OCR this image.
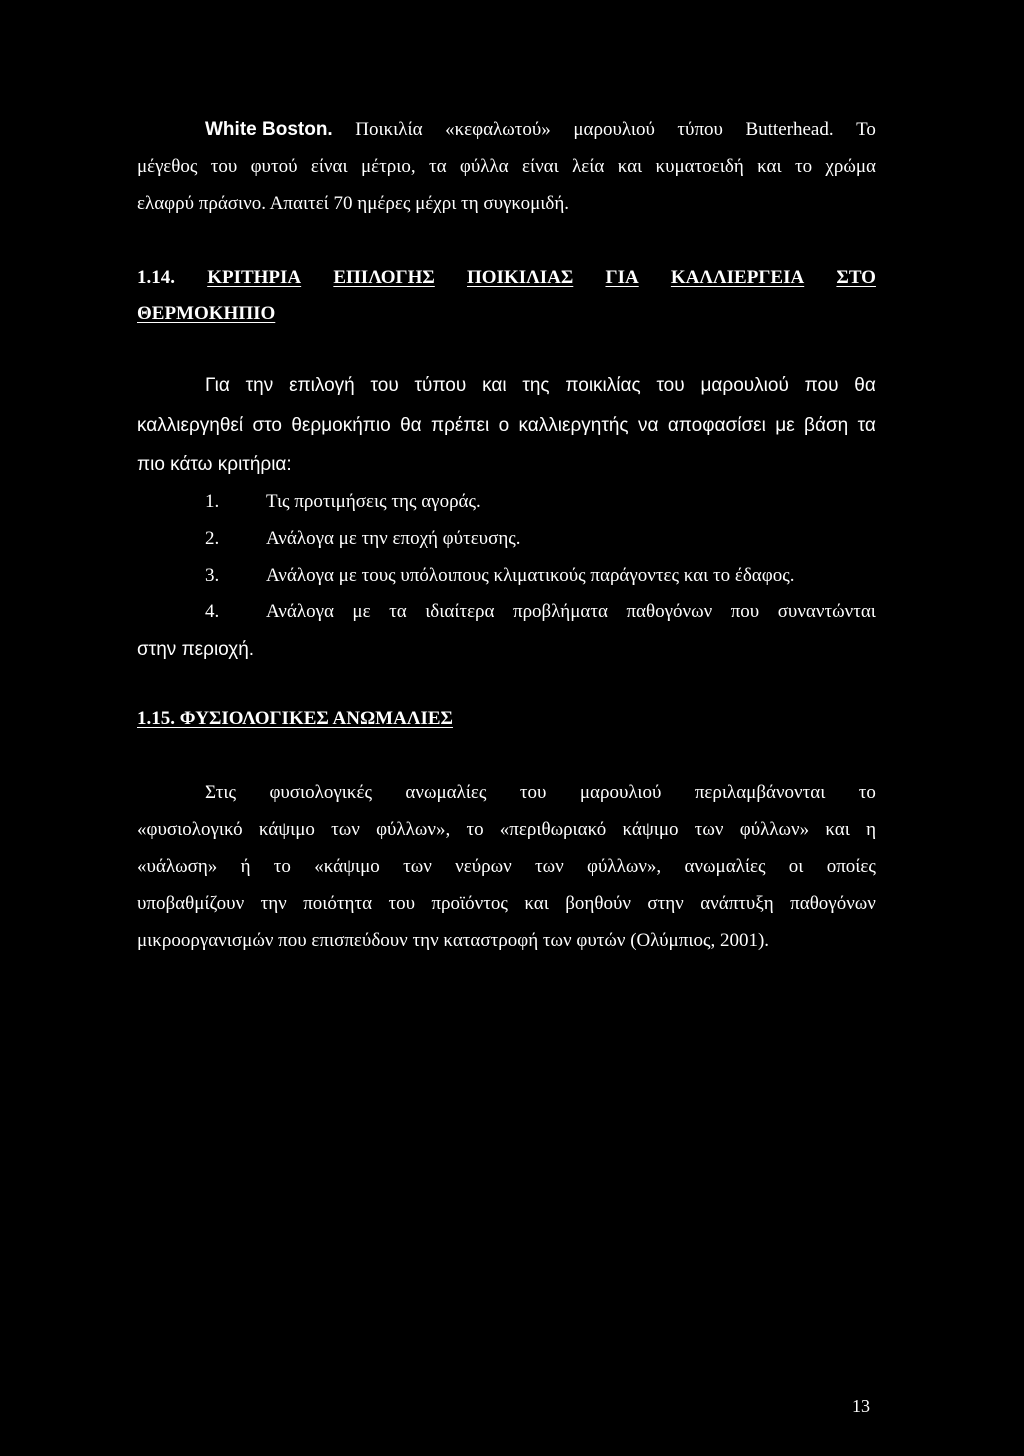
White Boston. Ποικιλία «κεφαλωτού» μαρουλιού τύπου Butterhead. Το
μέγεθος του φυτού είναι μέτριο, τα φύλλα είναι λεία και κυματοειδή και το χρώμα
ελαφρύ πράσινο. Απαιτεί 70 ημέρες μέχρι τη συγκομιδή.
1.14. ΚΡΙΤΗΡΙΑ ΕΠΙΛΟΓΗΣ ΠΟΙΚΙΛΙΑΣ ΓΙΑ ΚΑΛΛΙΕΡΓΕΙΑ ΣΤΟ
ΘΕΡΜΟΚΗΠΙΟ
Για την επιλογή του τύπου και της ποικιλίας του μαρουλιού που θα
καλλιεργηθεί στο θερμοκήπιο θα πρέπει ο καλλιεργητής να αποφασίσει με βάση τα
πιο κάτω κριτήρια:
1. Τις προτιμήσεις της αγοράς.
2. Ανάλογα με την εποχή φύτευσης.
3. Ανάλογα με τους υπόλοιπους κλιματικούς παράγοντες και το έδαφος.
4. Ανάλογα με τα ιδιαίτερα προβλήματα παθογόνων που συναντώνται
στην περιοχή.
1.15. ΦΥΣΙΟΛΟΓΙΚΕΣ ΑΝΩΜΑΛΙΕΣ
Στις φυσιολογικές ανωμαλίες του μαρουλιού περιλαμβάνονται το
«φυσιολογικό κάψιμο των φύλλων», το «περιθωριακό κάψιμο των φύλλων» και η
«υάλωση» ή το «κάψιμο των νεύρων των φύλλων», ανωμαλίες οι οποίες
υποβαθμίζουν την ποιότητα του προϊόντος και βοηθούν στην ανάπτυξη παθογόνων
μικροοργανισμών που επισπεύδουν την καταστροφή των φυτών (Ολύμπιος, 2001).
13
